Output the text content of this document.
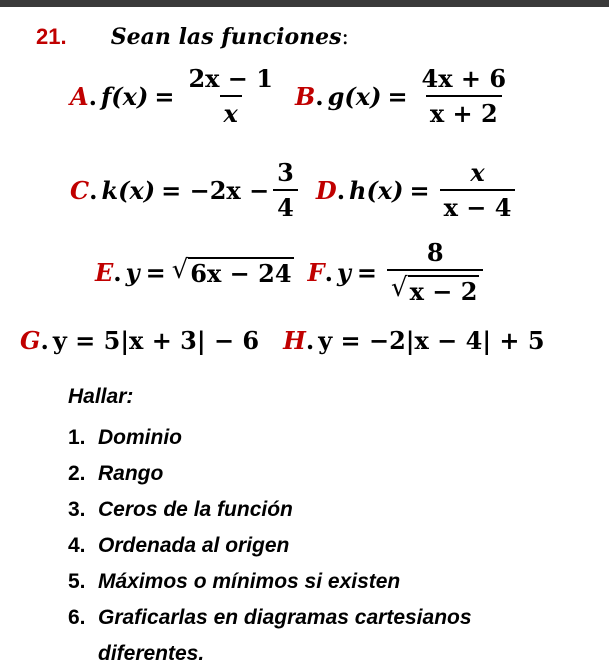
21. Sean las funciones:
A . $f(x) = \frac{2x - 1}{x}$ B . $g(x) = \frac{4x + 6}{x + 2}$
C . $k(x) = -2x - \frac{3}{4}$ D . $h(x) = \frac{x}{x - 4}$
E . y = √ 6x − 24 F . $y = \frac{8}{√ x - 2}$
G . y = 5|x + 3| − 6 H . y = −2|x − 4| + 5
Hallar:
1. Dominio
2. Rango
3. Ceros de la función
4. Ordenada al origen
5. Máximos o mínimos si existen
6. Graficarlas en diagramas cartesianos
diferentes.
